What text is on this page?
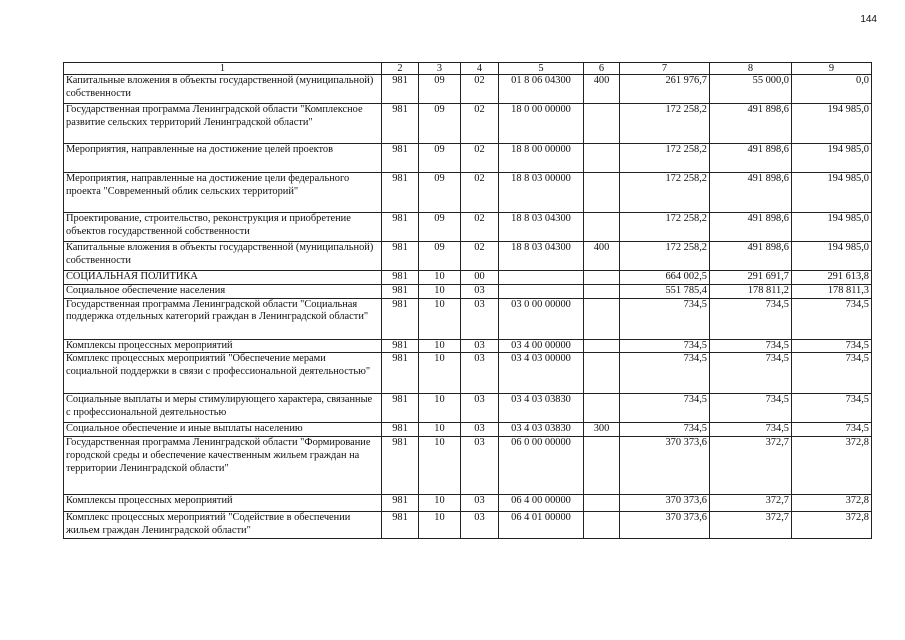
144
1	2	3	4	5	6	7	8	9
Капитальные вложения в объекты государственной (муниципальной) собственности	981	09	02	01 8 06 04300	400	261 976,7	55 000,0	0,0
Государственная программа Ленинградской области "Комплексное развитие сельских территорий Ленинградской области"	981	09	02	18 0 00 00000		172 258,2	491 898,6	194 985,0
Мероприятия, направленные на достижение целей проектов	981	09	02	18 8 00 00000		172 258,2	491 898,6	194 985,0
Мероприятия, направленные на достижение цели федерального проекта "Современный облик сельских территорий"	981	09	02	18 8 03 00000		172 258,2	491 898,6	194 985,0
Проектирование, строительство, реконструкция и приобретение объектов государственной собственности	981	09	02	18 8 03 04300		172 258,2	491 898,6	194 985,0
Капитальные вложения в объекты государственной (муниципальной) собственности	981	09	02	18 8 03 04300	400	172 258,2	491 898,6	194 985,0
СОЦИАЛЬНАЯ ПОЛИТИКА	981	10	00			664 002,5	291 691,7	291 613,8
Социальное обеспечение населения	981	10	03			551 785,4	178 811,2	178 811,3
Государственная программа Ленинградской области "Социальная поддержка отдельных категорий граждан в Ленинградской области"	981	10	03	03 0 00 00000		734,5	734,5	734,5
Комплексы процессных мероприятий	981	10	03	03 4 00 00000		734,5	734,5	734,5
Комплекс процессных мероприятий "Обеспечение мерами социальной поддержки в связи с профессиональной деятельностью"	981	10	03	03 4 03 00000		734,5	734,5	734,5
Социальные выплаты и меры стимулирующего характера, связанные с профессиональной деятельностью	981	10	03	03 4 03 03830		734,5	734,5	734,5
Социальное обеспечение и иные выплаты населению	981	10	03	03 4 03 03830	300	734,5	734,5	734,5
Государственная программа Ленинградской области "Формирование городской среды и обеспечение качественным жильем граждан на территории Ленинградской области"	981	10	03	06 0 00 00000		370 373,6	372,7	372,8
Комплексы процессных мероприятий	981	10	03	06 4 00 00000		370 373,6	372,7	372,8
Комплекс процессных мероприятий "Содействие в обеспечении жильем граждан Ленинградской области"	981	10	03	06 4 01 00000		370 373,6	372,7	372,8
